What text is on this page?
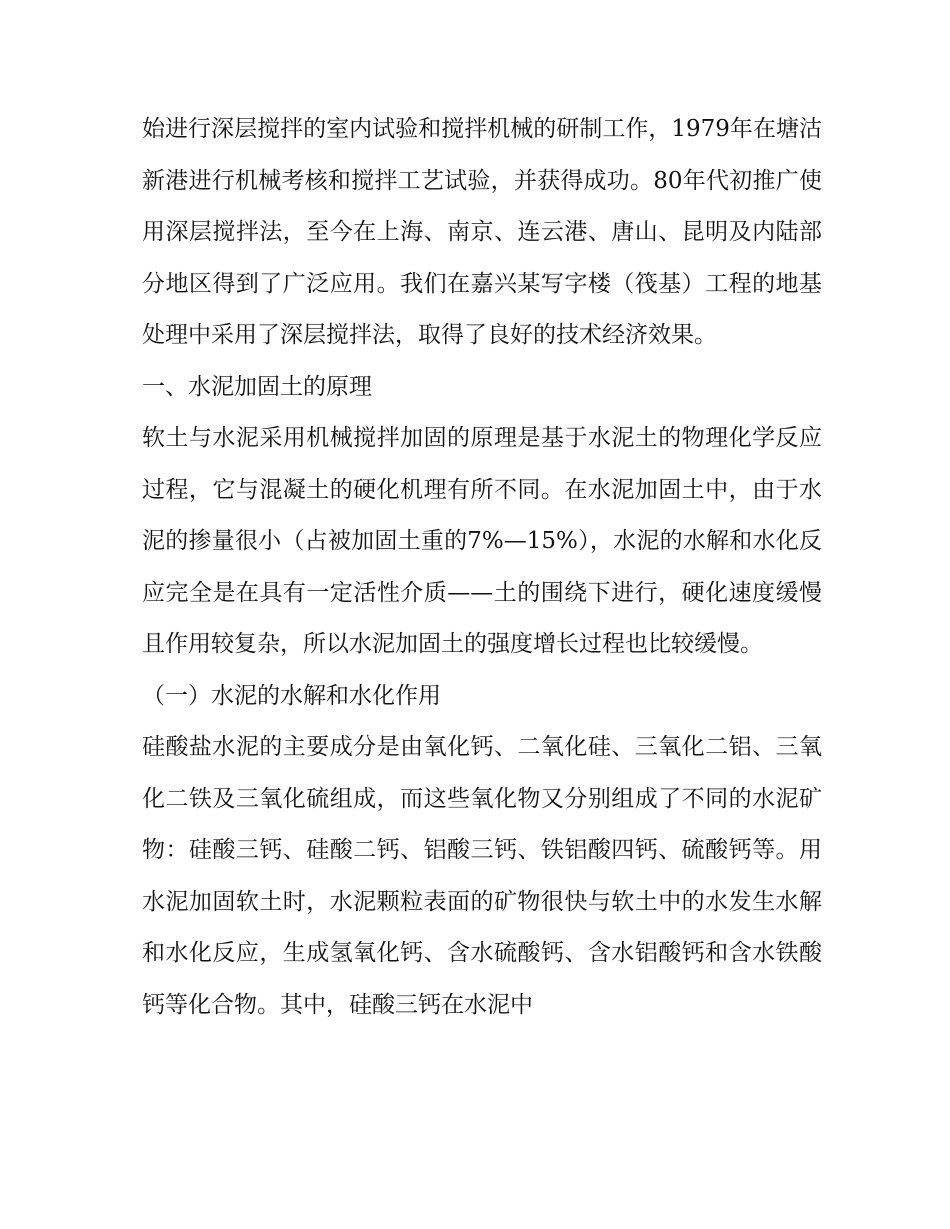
始进行深层搅拌的室内试验和搅拌机械的研制工作，1979年在塘沽新港进行机械考核和搅拌工艺试验，并获得成功。80年代初推广使用深层搅拌法，至今在上海、南京、连云港、唐山、昆明及内陆部分地区得到了广泛应用。我们在嘉兴某写字楼（筏基）工程的地基处理中采用了深层搅拌法，取得了良好的技术经济效果。

一、水泥加固土的原理

软土与水泥采用机械搅拌加固的原理是基于水泥土的物理化学反应过程，它与混凝土的硬化机理有所不同。在水泥加固土中，由于水泥的掺量很小（占被加固土重的7%—15%），水泥的水解和水化反应完全是在具有一定活性介质——土的围绕下进行，硬化速度缓慢且作用较复杂，所以水泥加固土的强度增长过程也比较缓慢。

（一）水泥的水解和水化作用

硅酸盐水泥的主要成分是由氧化钙、二氧化硅、三氧化二铝、三氧化二铁及三氧化硫组成，而这些氧化物又分别组成了不同的水泥矿物：硅酸三钙、硅酸二钙、铝酸三钙、铁铝酸四钙、硫酸钙等。用水泥加固软土时，水泥颗粒表面的矿物很快与软土中的水发生水解和水化反应，生成氢氧化钙、含水硫酸钙、含水铝酸钙和含水铁酸钙等化合物。其中，硅酸三钙在水泥中
